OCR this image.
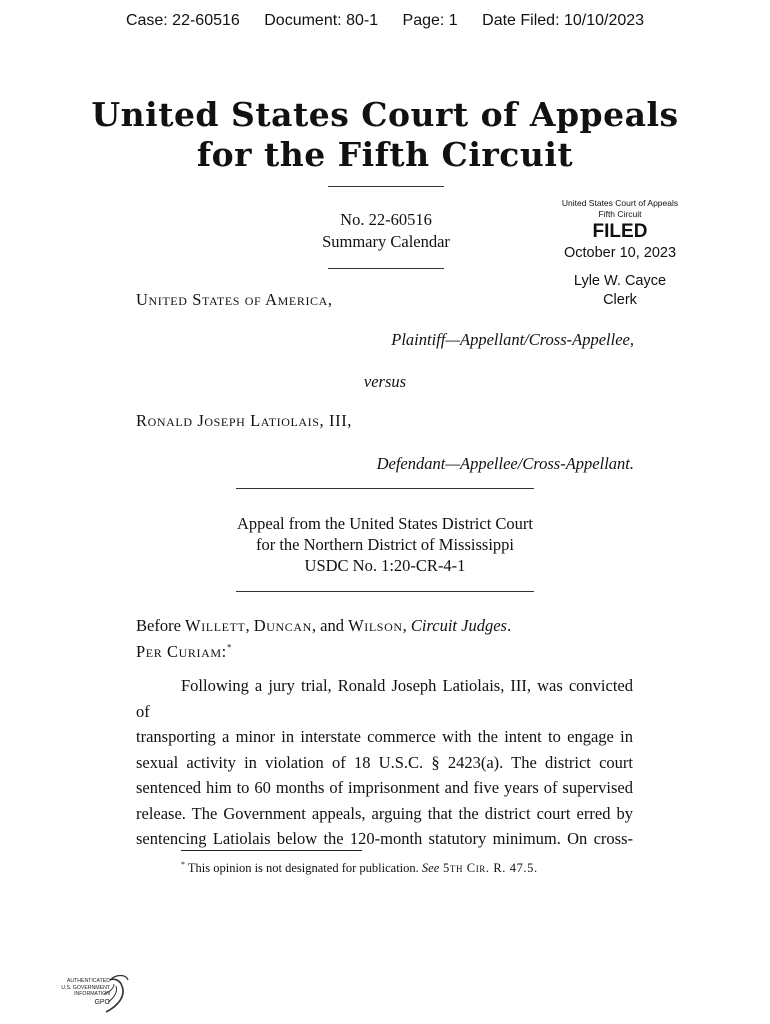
Case: 22-60516 Document: 80-1 Page: 1 Date Filed: 10/10/2023
United States Court of Appeals
for the Fifth Circuit
No. 22-60516
Summary Calendar
United States Court of Appeals
Fifth Circuit
FILED
October 10, 2023
Lyle W. Cayce
Clerk
United States of America,
Plaintiff—Appellant/Cross-Appellee,
versus
Ronald Joseph Latiolais, III,
Defendant—Appellee/Cross-Appellant.
Appeal from the United States District Court
for the Northern District of Mississippi
USDC No. 1:20-CR-4-1
Before Willett, Duncan, and Wilson, Circuit Judges.
Per Curiam:*
Following a jury trial, Ronald Joseph Latiolais, III, was convicted of
transporting a minor in interstate commerce with the intent to engage in
sexual activity in violation of 18 U.S.C. § 2423(a). The district court
sentenced him to 60 months of imprisonment and five years of supervised
release. The Government appeals, arguing that the district court erred by
sentencing Latiolais below the 120-month statutory minimum. On cross-
* This opinion is not designated for publication. See 5th Cir. R. 47.5.
AUTHENTICATED
U.S. GOVERNMENT
INFORMATION
GPO
